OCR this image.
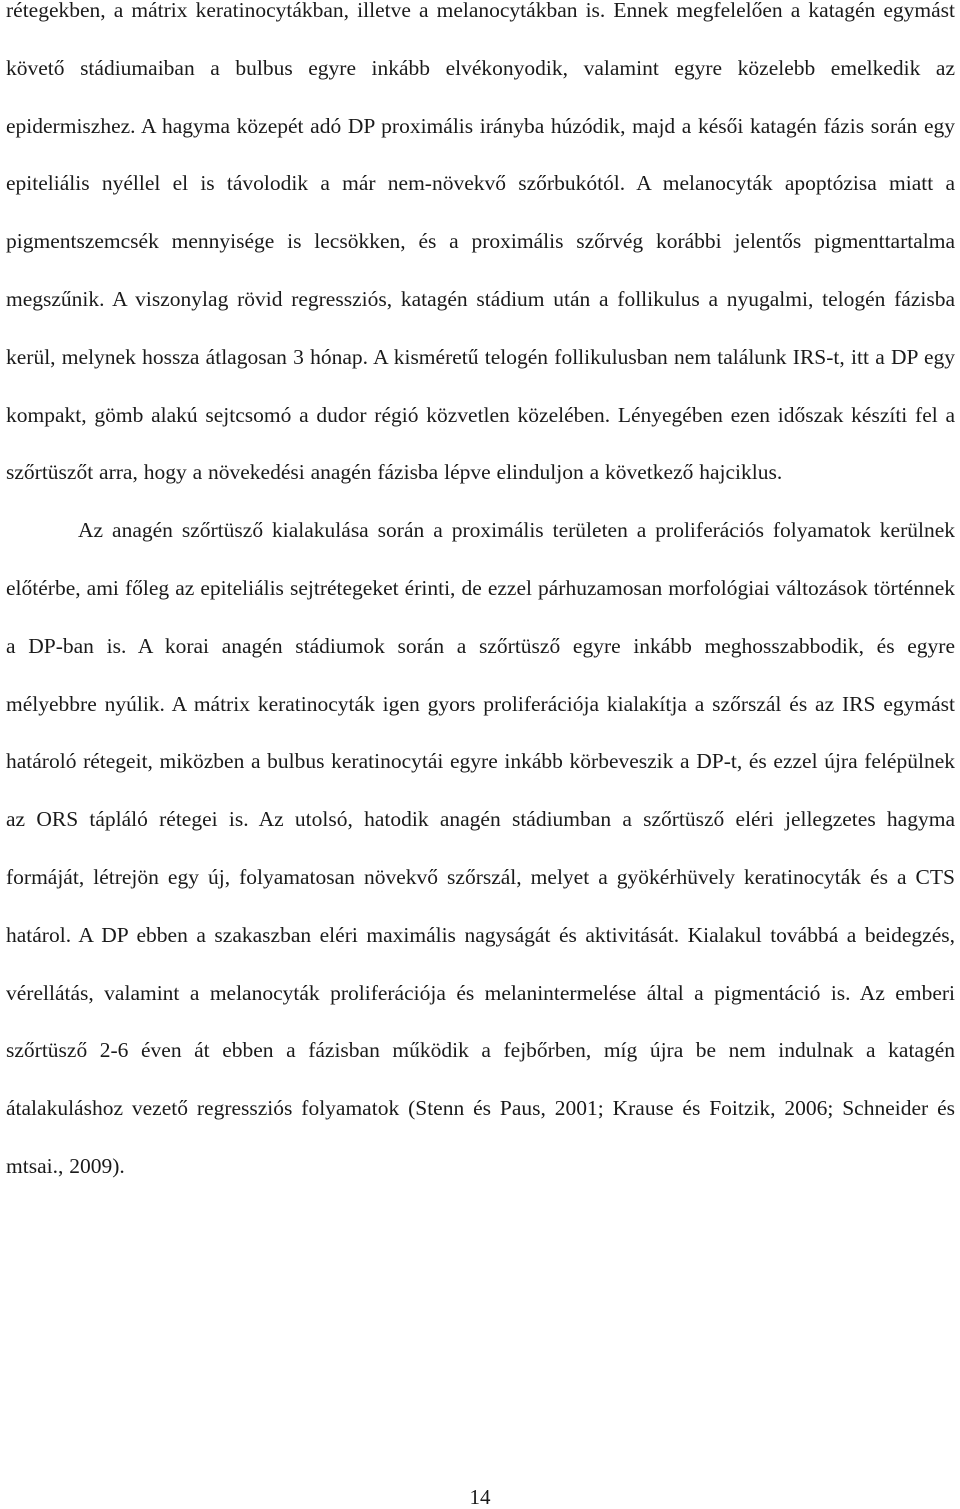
rétegekben, a mátrix keratinocytákban, illetve a melanocytákban is. Ennek megfelelően a katagén egymást követő stádiumaiban a bulbus egyre inkább elvékonyodik, valamint egyre közelebb emelkedik az epidermiszhez. A hagyma közepét adó DP proximális irányba húzódik, majd a késői katagén fázis során egy epiteliális nyéllel el is távolodik a már nem-növekvő szőrbukótól. A melanocyták apoptózisa miatt a pigmentszemcsék mennyisége is lecsökken, és a proximális szőrvég korábbi jelentős pigmenttartalma megszűnik. A viszonylag rövid regressziós, katagén stádium után a follikulus a nyugalmi, telogén fázisba kerül, melynek hossza átlagosan 3 hónap. A kisméretű telogén follikulusban nem találunk IRS-t, itt a DP egy kompakt, gömb alakú sejtcsomó a dudor régió közvetlen közelében. Lényegében ezen időszak készíti fel a szőrtüszőt arra, hogy a növekedési anagén fázisba lépve elinduljon a következő hajciklus.

Az anagén szőrtüsző kialakulása során a proximális területen a proliferációs folyamatok kerülnek előtérbe, ami főleg az epiteliális sejtrétegeket érinti, de ezzel párhuzamosan morfológiai változások történnek a DP-ban is. A korai anagén stádiumok során a szőrtüsző egyre inkább meghosszabbodik, és egyre mélyebbre nyúlik. A mátrix keratinocyták igen gyors proliferációja kialakítja a szőrszál és az IRS egymást határoló rétegeit, miközben a bulbus keratinocytái egyre inkább körbeveszik a DP-t, és ezzel újra felépülnek az ORS tápláló rétegei is. Az utolsó, hatodik anagén stádiumban a szőrtüsző eléri jellegzetes hagyma formáját, létrejön egy új, folyamatosan növekvő szőrszál, melyet a gyökérhüvely keratinocyták és a CTS határol. A DP ebben a szakaszban eléri maximális nagyságát és aktivitását. Kialakul továbbá a beidegzés, vérellátás, valamint a melanocyták proliferációja és melanintermelése által a pigmentáció is. Az emberi szőrtüsző 2-6 éven át ebben a fázisban működik a fejbőrben, míg újra be nem indulnak a katagén átalakuláshoz vezető regressziós folyamatok (Stenn és Paus, 2001; Krause és Foitzik, 2006; Schneider és mtsai., 2009).

14
